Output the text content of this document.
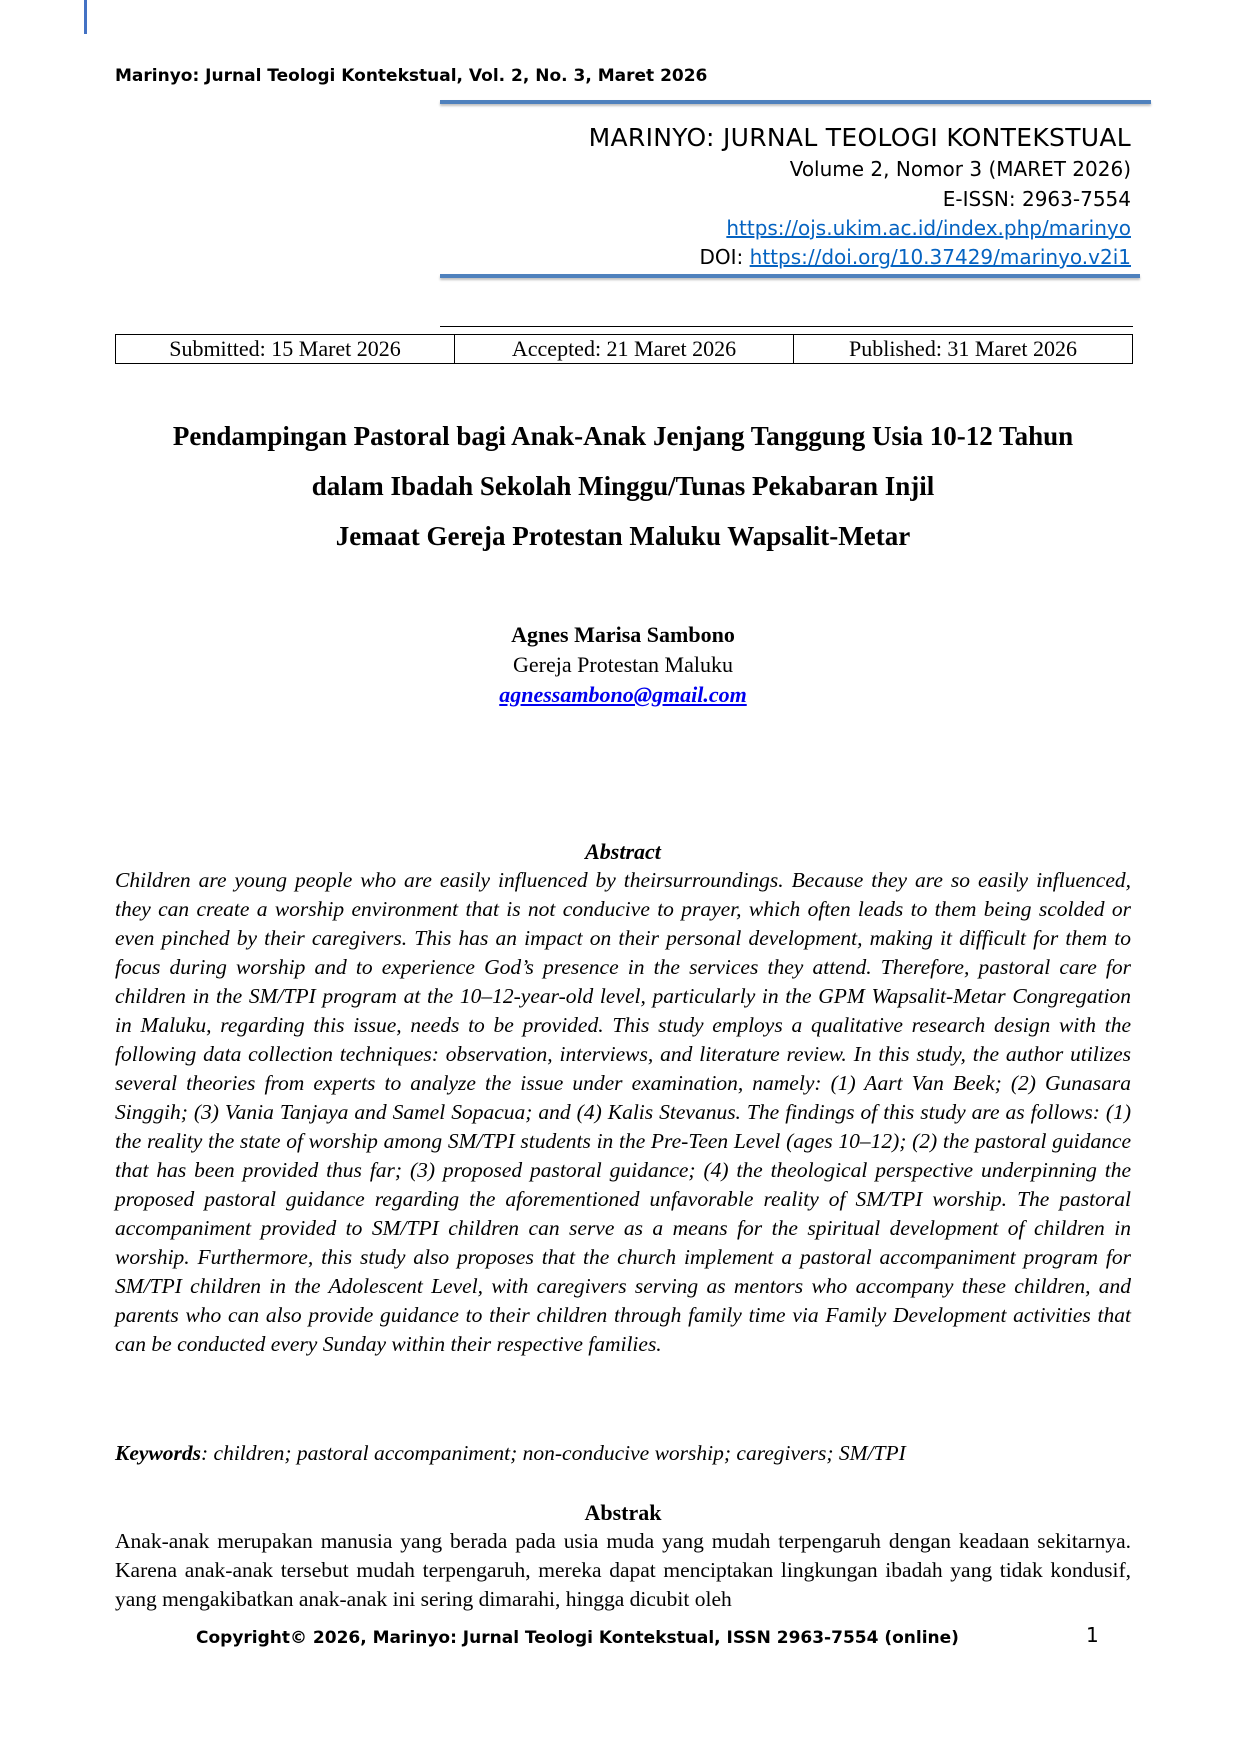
Marinyo: Jurnal Teologi Kontekstual, Vol. 2, No. 3, Maret 2026
MARINYO: JURNAL TEOLOGI KONTEKSTUAL
Volume 2, Nomor 3 (MARET 2026)
E-ISSN: 2963-7554
https://ojs.ukim.ac.id/index.php/marinyo
DOI: https://doi.org/10.37429/marinyo.v2i1
Submitted: 15 Maret 2026	Accepted: 21 Maret 2026	Published: 31 Maret 2026
Pendampingan Pastoral bagi Anak-Anak Jenjang Tanggung Usia 10-12 Tahun
dalam Ibadah Sekolah Minggu/Tunas Pekabaran Injil
Jemaat Gereja Protestan Maluku Wapsalit-Metar
Agnes Marisa Sambono
Gereja Protestan Maluku
agnessambono@gmail.com
Abstract
Children are young people who are easily influenced by theirsurroundings. Because they are so easily influenced, they can create a worship environment that is not conducive to prayer, which often leads to them being scolded or even pinched by their caregivers. This has an impact on their personal development, making it difficult for them to focus during worship and to experience God’s presence in the services they attend. Therefore, pastoral care for children in the SM/TPI program at the 10–12-year-old level, particularly in the GPM Wapsalit-Metar Congregation in Maluku, regarding this issue, needs to be provided. This study employs a qualitative research design with the following data collection techniques: observation, interviews, and literature review. In this study, the author utilizes several theories from experts to analyze the issue under examination, namely: (1) Aart Van Beek; (2) Gunasara Singgih; (3) Vania Tanjaya and Samel Sopacua; and (4) Kalis Stevanus. The findings of this study are as follows: (1) the reality the state of worship among SM/TPI students in the Pre-Teen Level (ages 10–12); (2) the pastoral guidance that has been provided thus far; (3) proposed pastoral guidance; (4) the theological perspective underpinning the proposed pastoral guidance regarding the aforementioned unfavorable reality of SM/TPI worship. The pastoral accompaniment provided to SM/TPI children can serve as a means for the spiritual development of children in worship. Furthermore, this study also proposes that the church implement a pastoral accompaniment program for SM/TPI children in the Adolescent Level, with caregivers serving as mentors who accompany these children, and parents who can also provide guidance to their children through family time via Family Development activities that can be conducted every Sunday within their respective families.
Keywords: children; pastoral accompaniment; non-conducive worship; caregivers; SM/TPI
Abstrak
Anak-anak merupakan manusia yang berada pada usia muda yang mudah terpengaruh dengan keadaan sekitarnya. Karena anak-anak tersebut mudah terpengaruh, mereka dapat menciptakan lingkungan ibadah yang tidak kondusif, yang mengakibatkan anak-anak ini sering dimarahi, hingga dicubit oleh
Copyright© 2026, Marinyo: Jurnal Teologi Kontekstual, ISSN 2963-7554 (online)	1
